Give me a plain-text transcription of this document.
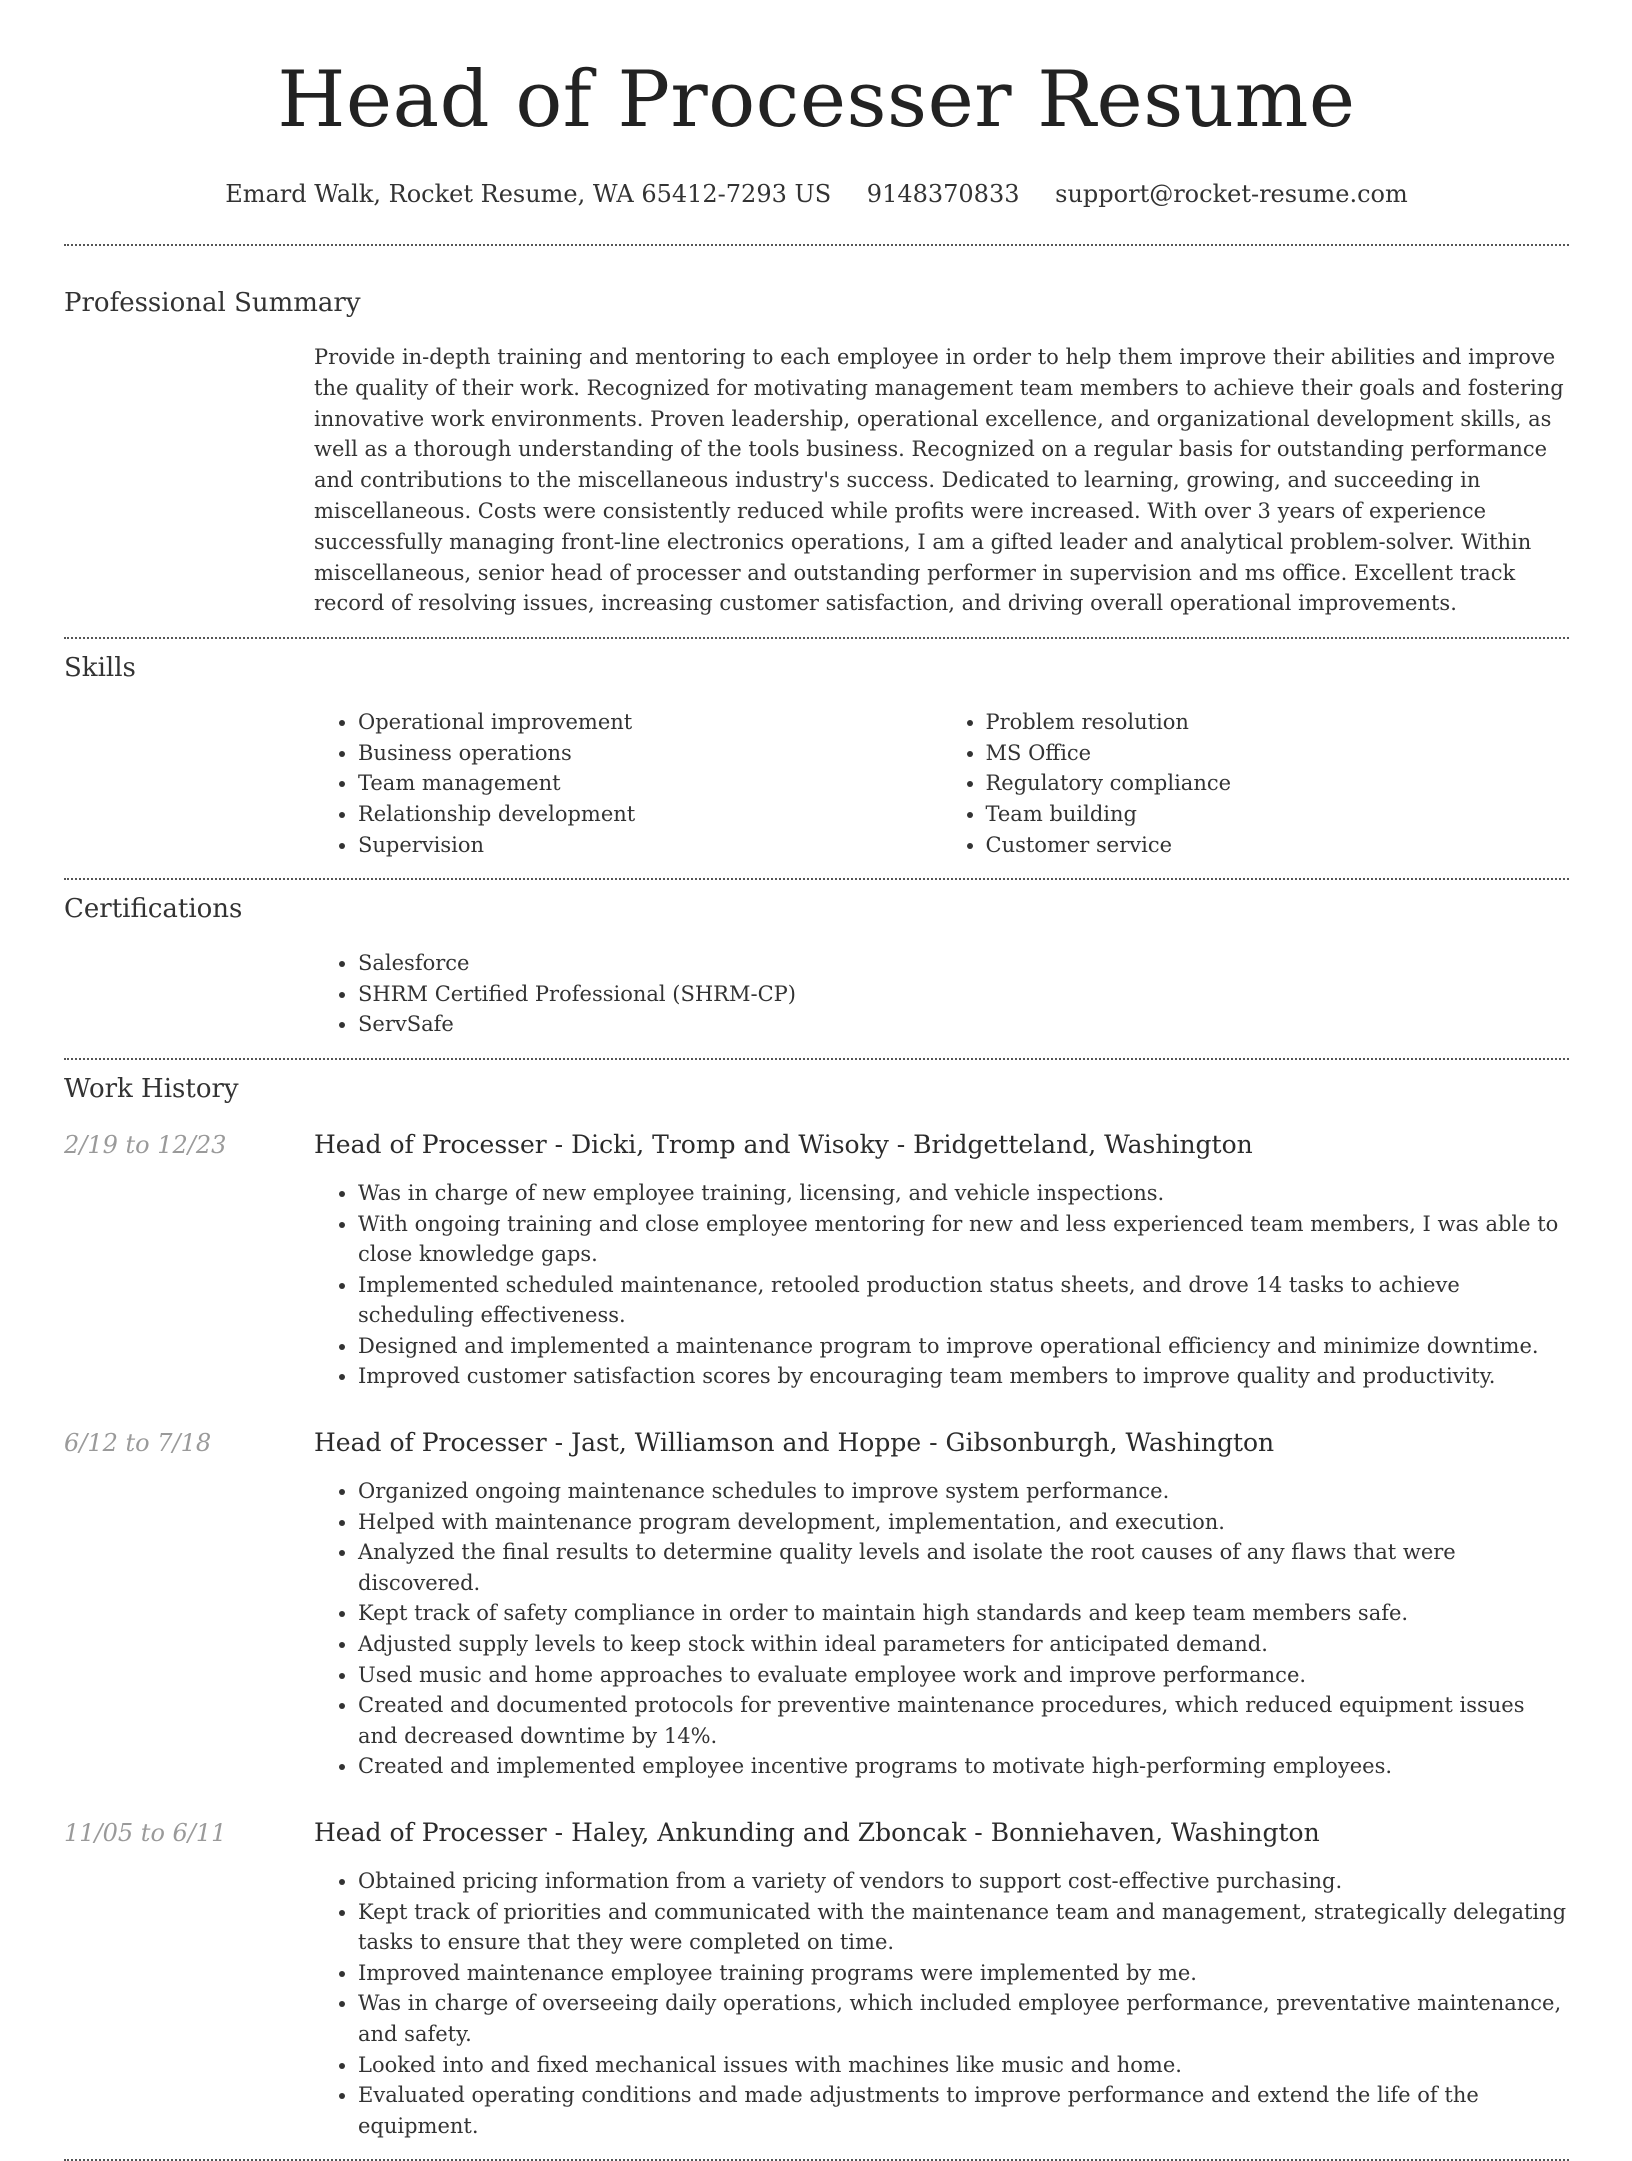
Head of Processer Resume
Emard Walk, Rocket Resume, WA 65412-7293 US 9148370833 support@rocket-resume.com
Professional Summary

Provide in-depth training and mentoring to each employee in order to help them improve their abilities and improve the quality of their work. Recognized for motivating management team members to achieve their goals and fostering innovative work environments. Proven leadership, operational excellence, and organizational development skills, as well as a thorough understanding of the tools business. Recognized on a regular basis for outstanding performance and contributions to the miscellaneous industry's success. Dedicated to learning, growing, and succeeding in miscellaneous. Costs were consistently reduced while profits were increased. With over 3 years of experience successfully managing front-line electronics operations, I am a gifted leader and analytical problem-solver. Within miscellaneous, senior head of processer and outstanding performer in supervision and ms office. Excellent track record of resolving issues, increasing customer satisfaction, and driving overall operational improvements.

Skills
• Operational improvement
• Business operations
• Team management
• Relationship development
• Supervision
• Problem resolution
• MS Office
• Regulatory compliance
• Team building
• Customer service
Certifications
• Salesforce
• SHRM Certified Professional (SHRM-CP)
• ServSafe
Work History
2/19 to 12/23	Head of Processer - Dicki, Tromp and Wisoky - Bridgetteland, Washington
• Was in charge of new employee training, licensing, and vehicle inspections.
• With ongoing training and close employee mentoring for new and less experienced team members, I was able to close knowledge gaps.
• Implemented scheduled maintenance, retooled production status sheets, and drove 14 tasks to achieve scheduling effectiveness.
• Designed and implemented a maintenance program to improve operational efficiency and minimize downtime.
• Improved customer satisfaction scores by encouraging team members to improve quality and productivity.
6/12 to 7/18	Head of Processer - Jast, Williamson and Hoppe - Gibsonburgh, Washington
• Organized ongoing maintenance schedules to improve system performance.
• Helped with maintenance program development, implementation, and execution.
• Analyzed the final results to determine quality levels and isolate the root causes of any flaws that were discovered.
• Kept track of safety compliance in order to maintain high standards and keep team members safe.
• Adjusted supply levels to keep stock within ideal parameters for anticipated demand.
• Used music and home approaches to evaluate employee work and improve performance.
• Created and documented protocols for preventive maintenance procedures, which reduced equipment issues and decreased downtime by 14%.
• Created and implemented employee incentive programs to motivate high-performing employees.
11/05 to 6/11	Head of Processer - Haley, Ankunding and Zboncak - Bonniehaven, Washington
• Obtained pricing information from a variety of vendors to support cost-effective purchasing.
• Kept track of priorities and communicated with the maintenance team and management, strategically delegating tasks to ensure that they were completed on time.
• Improved maintenance employee training programs were implemented by me.
• Was in charge of overseeing daily operations, which included employee performance, preventative maintenance, and safety.
• Looked into and fixed mechanical issues with machines like music and home.
• Evaluated operating conditions and made adjustments to improve performance and extend the life of the equipment.
